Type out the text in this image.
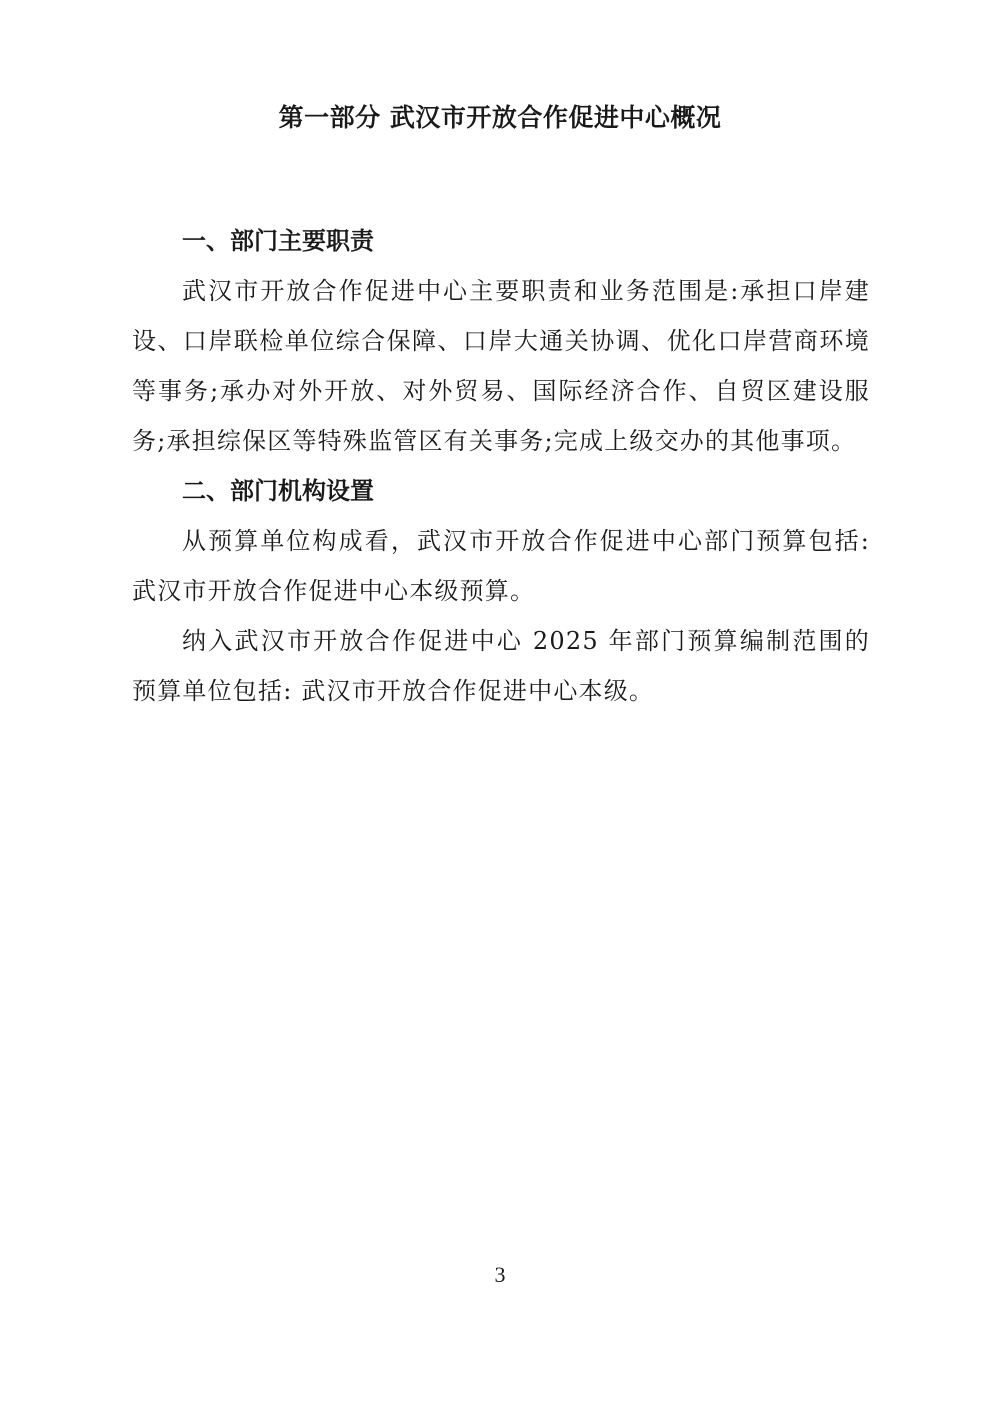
第一部分 武汉市开放合作促进中心概况
一、部门主要职责

武汉市开放合作促进中心主要职责和业务范围是:承担口岸建设、口岸联检单位综合保障、口岸大通关协调、优化口岸营商环境等事务;承办对外开放、对外贸易、国际经济合作、自贸区建设服务;承担综保区等特殊监管区有关事务;完成上级交办的其他事项。

二、部门机构设置

从预算单位构成看，武汉市开放合作促进中心部门预算包括: 武汉市开放合作促进中心本级预算。

纳入武汉市开放合作促进中心 2025 年部门预算编制范围的预算单位包括: 武汉市开放合作促进中心本级。

3
